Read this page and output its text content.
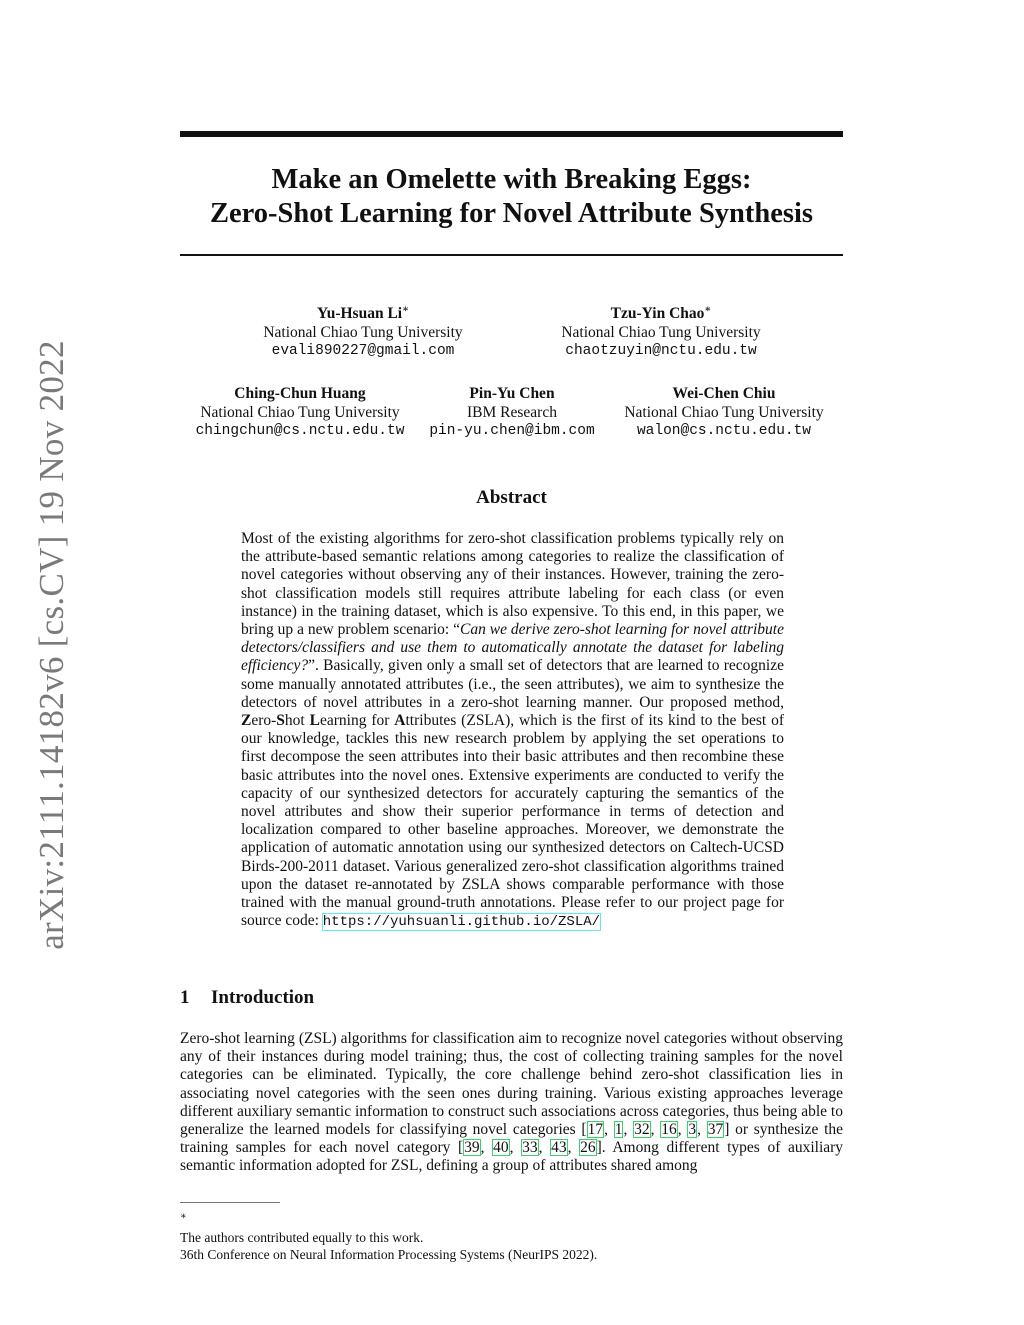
Make an Omelette with Breaking Eggs:
Zero-Shot Learning for Novel Attribute Synthesis
arXiv:2111.14182v6 [cs.CV] 19 Nov 2022
Yu-Hsuan Li∗
National Chiao Tung University
evali890227@gmail.com
Tzu-Yin Chao∗
National Chiao Tung University
chaotzuyin@nctu.edu.tw
Ching-Chun Huang
National Chiao Tung University
chingchun@cs.nctu.edu.tw
Pin-Yu Chen
IBM Research
pin-yu.chen@ibm.com
Wei-Chen Chiu
National Chiao Tung University
walon@cs.nctu.edu.tw
Abstract

Most of the existing algorithms for zero-shot classification problems typically rely on the attribute-based semantic relations among categories to realize the classification of novel categories without observing any of their instances. However, training the zero-shot classification models still requires attribute labeling for each class (or even instance) in the training dataset, which is also expensive. To this end, in this paper, we bring up a new problem scenario: “Can we derive zero-shot learning for novel attribute detectors/classifiers and use them to automatically annotate the dataset for labeling efficiency?”. Basically, given only a small set of detectors that are learned to recognize some manually annotated attributes (i.e., the seen attributes), we aim to synthesize the detectors of novel attributes in a zero-shot learning manner. Our proposed method, Zero-Shot Learning for Attributes (ZSLA), which is the first of its kind to the best of our knowledge, tackles this new research problem by applying the set operations to first decompose the seen attributes into their basic attributes and then recombine these basic attributes into the novel ones. Extensive experiments are conducted to verify the capacity of our synthesized detectors for accurately capturing the semantics of the novel attributes and show their superior performance in terms of detection and localization compared to other baseline approaches. Moreover, we demonstrate the application of automatic annotation using our synthesized detectors on Caltech-UCSD Birds-200-2011 dataset. Various generalized zero-shot classification algorithms trained upon the dataset re-annotated by ZSLA shows comparable performance with those trained with the manual ground-truth annotations. Please refer to our project page for source code: https://yuhsuanli.github.io/ZSLA/

1 Introduction

Zero-shot learning (ZSL) algorithms for classification aim to recognize novel categories without observing any of their instances during model training; thus, the cost of collecting training samples for the novel categories can be eliminated. Typically, the core challenge behind zero-shot classification lies in associating novel categories with the seen ones during training. Various existing approaches leverage different auxiliary semantic information to construct such associations across categories, thus being able to generalize the learned models for classifying novel categories [17, 1, 32, 16, 3, 37] or synthesize the training samples for each novel category [39, 40, 33, 43, 26]. Among different types of auxiliary semantic information adopted for ZSL, defining a group of attributes shared among

∗
The authors contributed equally to this work.
36th Conference on Neural Information Processing Systems (NeurIPS 2022).
